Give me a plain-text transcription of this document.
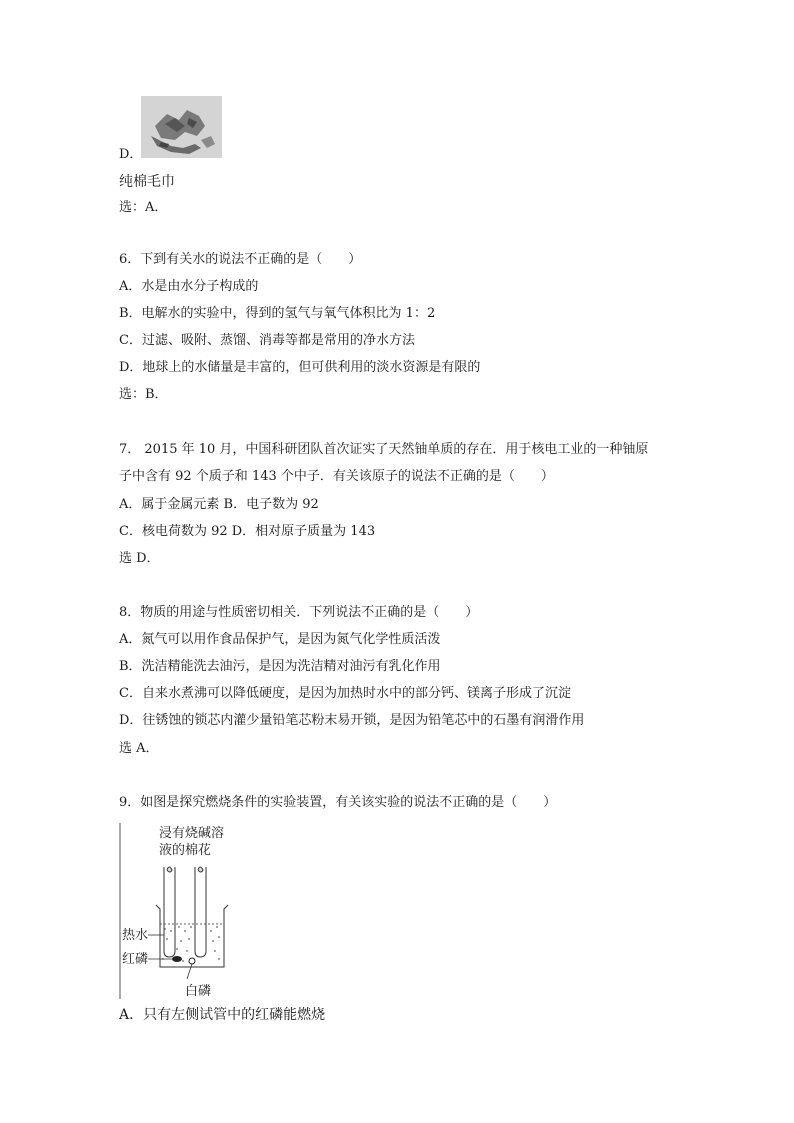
D．
纯棉毛巾
选：A．
6．下到有关水的说法不正确的是（　　）
A．水是由水分子构成的
B．电解水的实验中，得到的氢气与氧气体积比为 1：2
C．过滤、吸附、蒸馏、消毒等都是常用的净水方法
D．地球上的水储量是丰富的，但可供利用的淡水资源是有限的
选：B．
7． 2015 年 10 月，中国科研团队首次证实了天然铀单质的存在．用于核电工业的一种铀原
子中含有 92 个质子和 143 个中子．有关该原子的说法不正确的是（　　）
A．属于金属元素 B．电子数为 92
C．核电荷数为 92 D．相对原子质量为 143
选 D．
8．物质的用途与性质密切相关．下列说法不正确的是（　　）
A．氮气可以用作食品保护气，是因为氮气化学性质活泼
B．洗洁精能洗去油污，是因为洗洁精对油污有乳化作用
C．自来水煮沸可以降低硬度，是因为加热时水中的部分钙、镁离子形成了沉淀
D．往锈蚀的锁芯内灌少量铅笔芯粉末易开锁，是因为铅笔芯中的石墨有润滑作用
选 A．
9．如图是探究燃烧条件的实验装置，有关该实验的说法不正确的是（　　）
浸有烧碱溶
液的棉花
热水
红磷
白磷
A．只有左侧试管中的红磷能燃烧
